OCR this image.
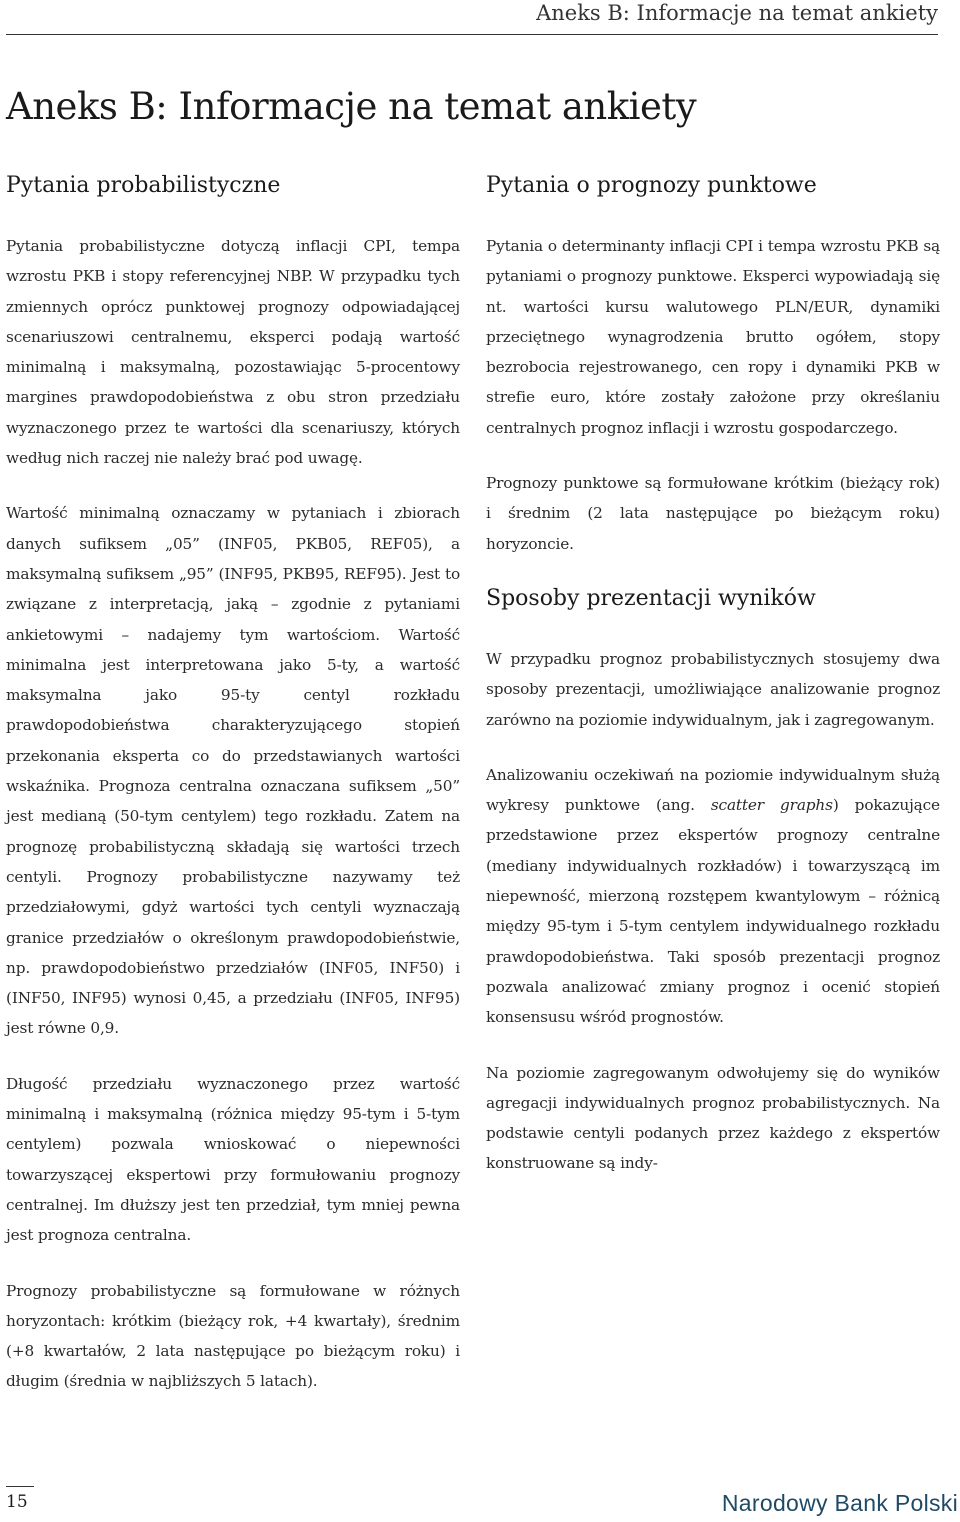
Aneks B: Informacje na temat ankiety
Aneks B: Informacje na temat ankiety
Pytania probabilistyczne

Pytania probabilistyczne dotyczą inflacji CPI, tempa wzrostu PKB i stopy referencyjnej NBP. W przypadku tych zmiennych oprócz punktowej prognozy odpowiadającej scenariuszowi centralnemu, eksperci podają wartość minimalną i maksymalną, pozostawiając 5-procentowy margines prawdopodobieństwa z obu stron przedziału wyznaczonego przez te wartości dla scenariuszy, których według nich raczej nie należy brać pod uwagę.

Wartość minimalną oznaczamy w pytaniach i zbiorach danych sufiksem „05” (INF05, PKB05, REF05), a maksymalną sufiksem „95” (INF95, PKB95, REF95). Jest to związane z interpretacją, jaką – zgodnie z pytaniami ankietowymi – nadajemy tym wartościom. Wartość minimalna jest interpretowana jako 5-ty, a wartość maksymalna jako 95-ty centyl rozkładu prawdopodobieństwa charakteryzującego stopień przekonania eksperta co do przedstawianych wartości wskaźnika. Prognoza centralna oznaczana sufiksem „50” jest medianą (50-tym centylem) tego rozkładu. Zatem na prognozę probabilistyczną składają się wartości trzech centyli. Prognozy probabilistyczne nazywamy też przedziałowymi, gdyż wartości tych centyli wyznaczają granice przedziałów o określonym prawdopodobieństwie, np. prawdopodobieństwo przedziałów (INF05, INF50) i (INF50, INF95) wynosi 0,45, a przedziału (INF05, INF95) jest równe 0,9.

Długość przedziału wyznaczonego przez wartość minimalną i maksymalną (różnica między 95-tym i 5-tym centylem) pozwala wnioskować o niepewności towarzyszącej ekspertowi przy formułowaniu prognozy centralnej. Im dłuższy jest ten przedział, tym mniej pewna jest prognoza centralna.

Prognozy probabilistyczne są formułowane w różnych horyzontach: krótkim (bieżący rok, +4 kwartały), średnim (+8 kwartałów, 2 lata następujące po bieżącym roku) i długim (średnia w najbliższych 5 latach).

Pytania o prognozy punktowe

Pytania o determinanty inflacji CPI i tempa wzrostu PKB są pytaniami o prognozy punktowe. Eksperci wypowiadają się nt. wartości kursu walutowego PLN/EUR, dynamiki przeciętnego wynagrodzenia brutto ogółem, stopy bezrobocia rejestrowanego, cen ropy i dynamiki PKB w strefie euro, które zostały założone przy określaniu centralnych prognoz inflacji i wzrostu gospodarczego.

Prognozy punktowe są formułowane krótkim (bieżący rok) i średnim (2 lata następujące po bieżącym roku) horyzoncie.

Sposoby prezentacji wyników

W przypadku prognoz probabilistycznych stosujemy dwa sposoby prezentacji, umożliwiające analizowanie prognoz zarówno na poziomie indywidualnym, jak i zagregowanym.

Analizowaniu oczekiwań na poziomie indywidualnym służą wykresy punktowe (ang. scatter graphs) pokazujące przedstawione przez ekspertów prognozy centralne (mediany indywidualnych rozkładów) i towarzyszącą im niepewność, mierzoną rozstępem kwantylowym – różnicą między 95-tym i 5-tym centylem indywidualnego rozkładu prawdopodobieństwa. Taki sposób prezentacji prognoz pozwala analizować zmiany prognoz i ocenić stopień konsensusu wśród prognostów.

Na poziomie zagregowanym odwołujemy się do wyników agregacji indywidualnych prognoz probabilistycznych. Na podstawie centyli podanych przez każdego z ekspertów konstruowane są indy-

15	Narodowy Bank Polski
